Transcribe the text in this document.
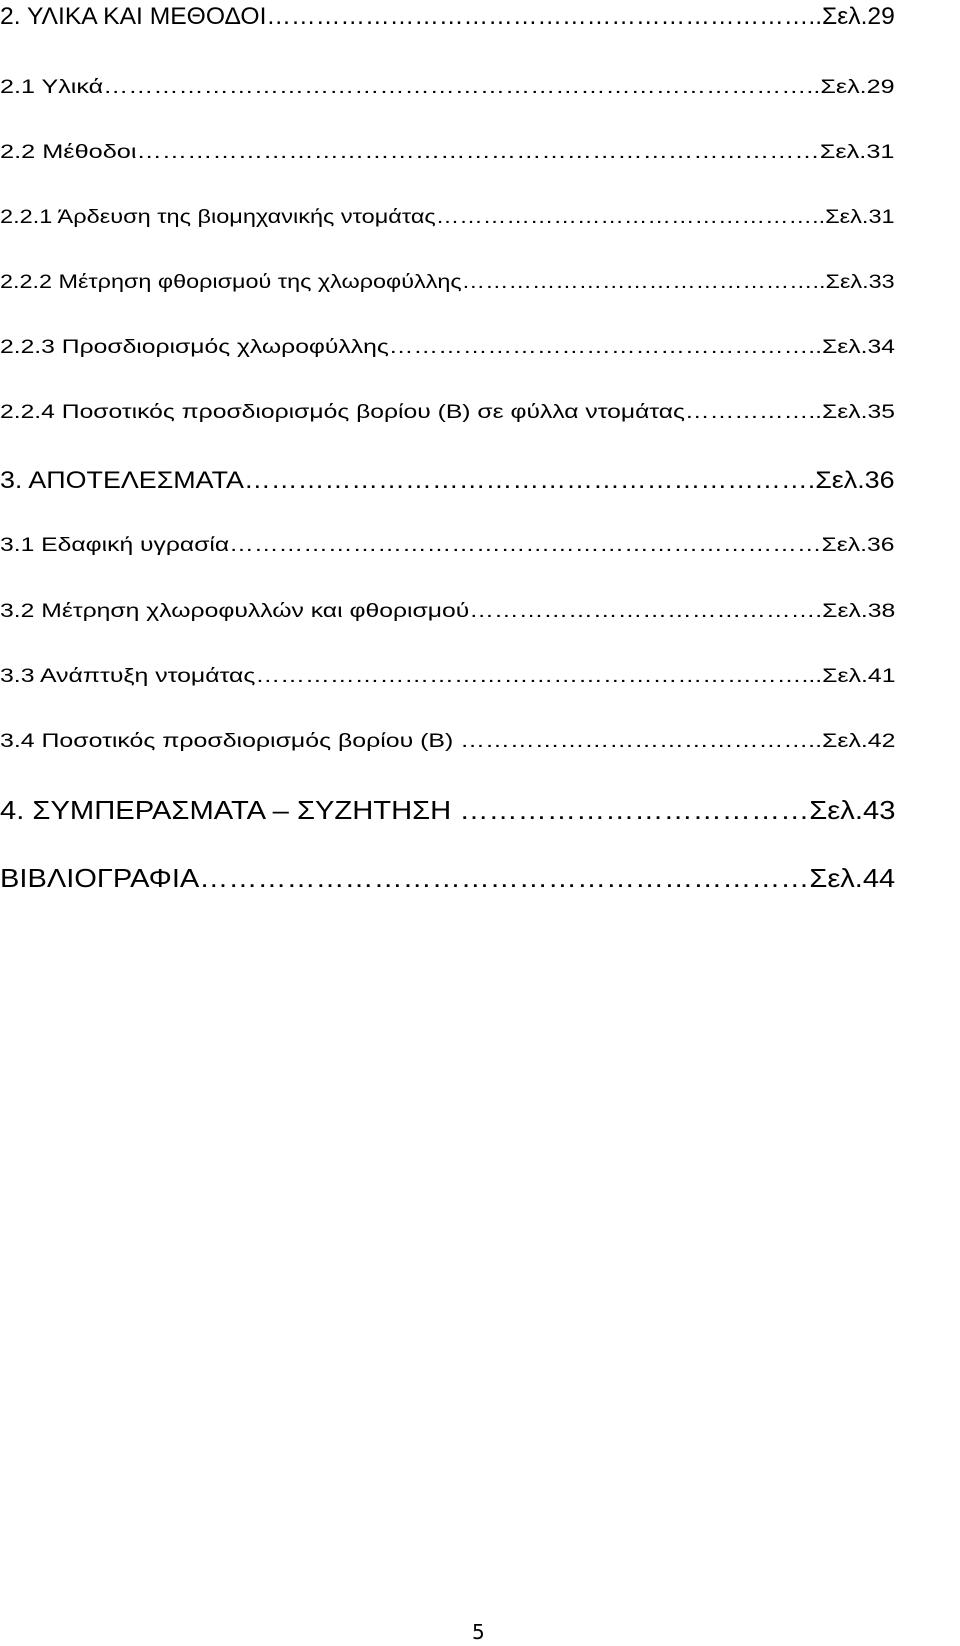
2. ΥΛΙΚΑ ΚΑΙ ΜΕΘΟΔΟΙ…………………………………………………………..Σελ.29

2.1 Υλικά…………………………………………………………………………..Σελ.29

2.2 Μέθοδοι………………………………………………………………………Σελ.31

2.2.1 Άρδευση της βιομηχανικής ντομάτας…………………………………………..Σελ.31

2.2.2 Μέτρηση φθορισμού της χλωροφύλλης………………………………………..Σελ.33

2.2.3 Προσδιορισμός χλωροφύλλης……………………………………………..Σελ.34

2.2.4 Ποσοτικός προσδιορισμός βορίου (Β) σε φύλλα ντομάτας……………..Σελ.35

3. ΑΠΟΤΕΛΕΣΜΑΤΑ……………………………………………………….Σελ.36

3.1 Εδαφική υγρασία………………………………………………………………Σελ.36

3.2 Μέτρηση χλωροφυλλών και φθορισμού…………………………………….Σελ.38

3.3 Ανάπτυξη ντομάτας…………………………………………………………...Σελ.41

3.4 Ποσοτικός προσδιορισμός βορίου (Β) ……………………………………..Σελ.42

4. ΣΥΜΠΕΡΑΣΜΑΤΑ – ΣΥΖΗΤΗΣΗ ………………………………Σελ.43

ΒΙΒΛΙΟΓΡΑΦΙΑ………………………………………………………Σελ.44

5
